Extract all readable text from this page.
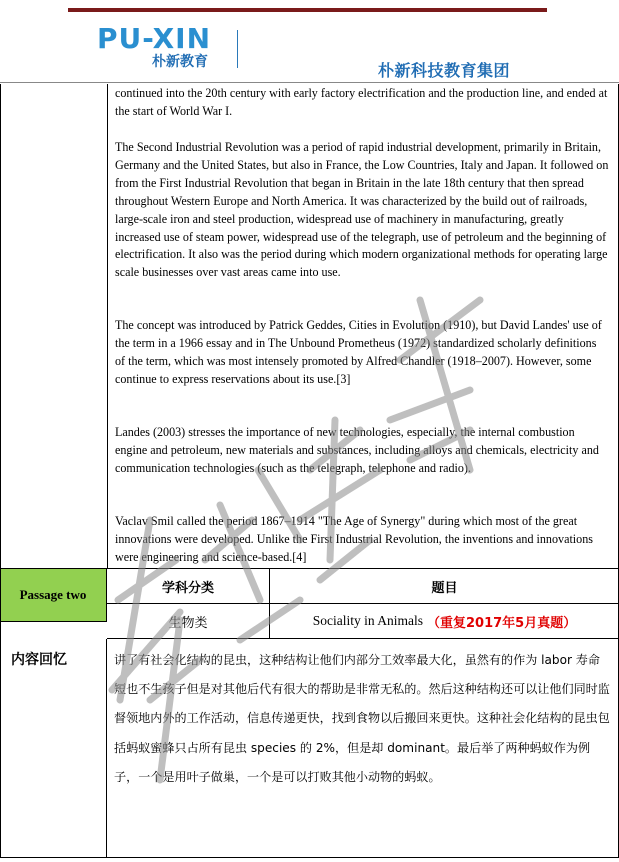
PU-XIN
朴新教育	朴新科技教育集团

continued into the 20th century with early factory electrification and the production line, and ended at the start of World War I.

The Second Industrial Revolution was a period of rapid industrial development, primarily in Britain, Germany and the United States, but also in France, the Low Countries, Italy and Japan. It followed on from the First Industrial Revolution that began in Britain in the late 18th century that then spread throughout Western Europe and North America. It was characterized by the build out of railroads, large-scale iron and steel production, widespread use of machinery in manufacturing, greatly increased use of steam power, widespread use of the telegraph, use of petroleum and the beginning of electrification. It also was the period during which modern organizational methods for operating large scale businesses over vast areas came into use.

The concept was introduced by Patrick Geddes, Cities in Evolution (1910), but David Landes' use of the term in a 1966 essay and in The Unbound Prometheus (1972) standardized scholarly definitions of the term, which was most intensely promoted by Alfred Chandler (1918–2007). However, some continue to express reservations about its use.[3]

Landes (2003) stresses the importance of new technologies, especially, the internal combustion engine and petroleum, new materials and substances, including alloys and chemicals, electricity and communication technologies (such as the telegraph, telephone and radio).

Vaclav Smil called the period 1867–1914 "The Age of Synergy" during which most of the great innovations were developed. Unlike the First Industrial Revolution, the inventions and innovations were engineering and science-based.[4]

Passage two	学科分类	题目
生物类	Sociality in Animals （重复2017年5月真题）
内容回忆	讲了有社会化结构的昆虫，这种结构让他们内部分工效率最大化，虽然有的作为 labor 寿命短也不生孩子但是对其他后代有很大的帮助是非常无私的。然后这种结构还可以让他们同时监督领地内外的工作活动，信息传递更快，找到食物以后搬回来更快。这种社会化结构的昆虫包括蚂蚁蜜蜂只占所有昆虫 species 的 2%，但是却 dominant。最后举了两种蚂蚁作为例子，一个是用叶子做巢，一个是可以打败其他小动物的蚂蚁。
